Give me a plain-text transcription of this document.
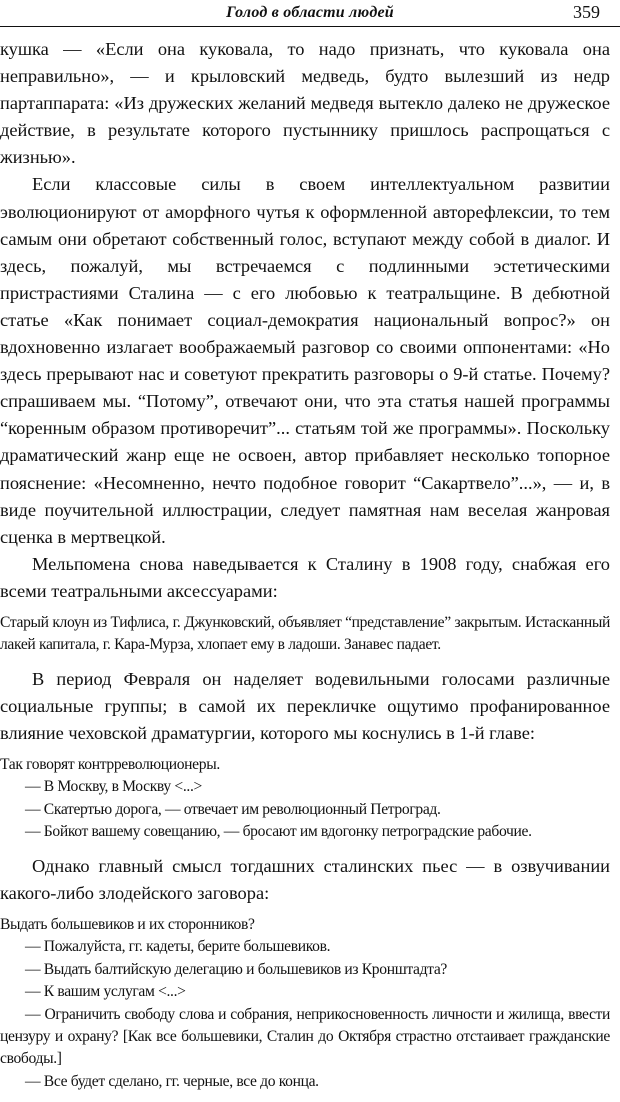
Голод в области людей	359

кушка — «Если она куковала, то надо признать, что куковала она неправильно», — и крыловский медведь, будто вылезший из недр партаппарата: «Из дружеских желаний медведя вытекло далеко не дружеское действие, в результате которого пустыннику пришлось распрощаться с жизнью».

Если классовые силы в своем интеллектуальном развитии эволюционируют от аморфного чутья к оформленной авторефлексии, то тем самым они обретают собственный голос, вступают между собой в диалог. И здесь, пожалуй, мы встречаемся с подлинными эстетическими пристрастиями Сталина — с его любовью к театральщине. В дебютной статье «Как понимает социал-демократия национальный вопрос?» он вдохновенно излагает воображаемый разговор со своими оппонентами: «Но здесь прерывают нас и советуют прекратить разговоры о 9-й статье. Почему? спрашиваем мы. “Потому”, отвечают они, что эта статья нашей программы “коренным образом противоречит”... статьям той же программы». Поскольку драматический жанр еще не освоен, автор прибавляет несколько топорное пояснение: «Несомненно, нечто подобное говорит “Сакартвело”...», — и, в виде поучительной иллюстрации, следует памятная нам веселая жанровая сценка в мертвецкой.

Мельпомена снова наведывается к Сталину в 1908 году, снабжая его всеми театральными аксессуарами:

Старый клоун из Тифлиса, г. Джунковский, объявляет “представление” закрытым. Истасканный лакей капитала, г. Кара-Мурза, хлопает ему в ладоши. Занавес падает.

В период Февраля он наделяет водевильными голосами различные социальные группы; в самой их перекличке ощутимо профанированное влияние чеховской драматургии, которого мы коснулись в 1-й главе:

Так говорят контрреволюционеры.

— В Москву, в Москву <...>

— Скатертью дорога, — отвечает им революционный Петроград.

— Бойкот вашему совещанию, — бросают им вдогонку петроградские рабочие.

Однако главный смысл тогдашних сталинских пьес — в озвучивании какого-либо злодейского заговора:

Выдать большевиков и их сторонников?

— Пожалуйста, гг. кадеты, берите большевиков.

— Выдать балтийскую делегацию и большевиков из Кронштадта?

— К вашим услугам <...>

— Ограничить свободу слова и собрания, неприкосновенность личности и жилища, ввести цензуру и охрану? [Как все большевики, Сталин до Октября страстно отстаивает гражданские свободы.]

— Все будет сделано, гг. черные, все до конца.
